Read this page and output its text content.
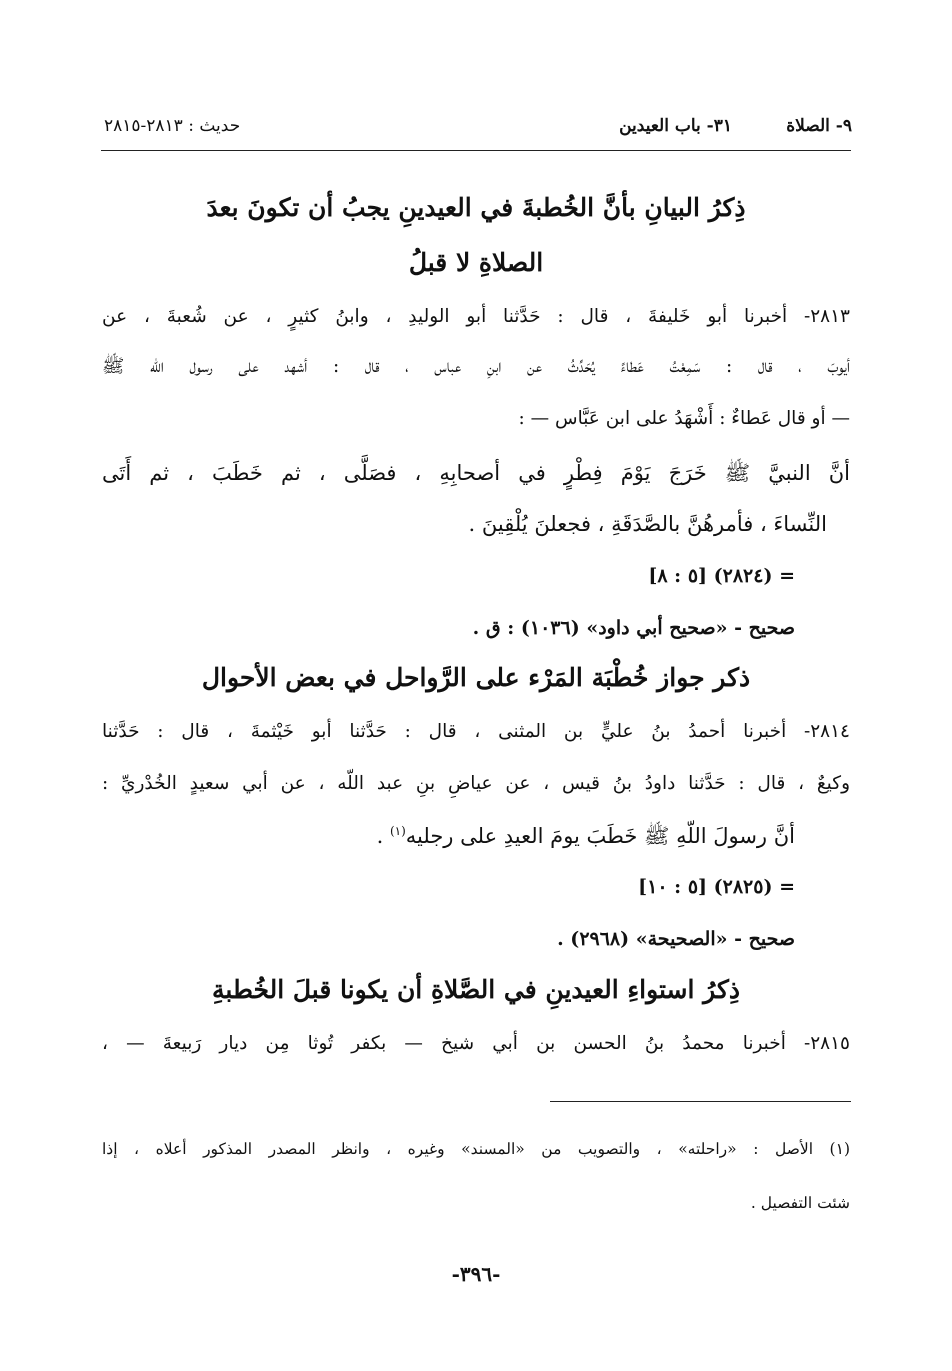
٩- الصلاة
٣١- باب العيدين
حديث : ٢٨١٣-٢٨١٥
ذِكرُ البيانِ بأنَّ الخُطبةَ في العيدينِ يجبُ أن تكونَ بعدَ
الصلاةِ لا قبلُ
٢٨١٣- أخبرنا أبو خَليفةَ ، قال : حَدَّثنا أبو الوليدِ ، وابنُ كثيرٍ ، عن شُعبةَ ، عن
أيوبَ ، قال : سَمِعْتُ عَطاءً يُحَدِّثُ عن ابنِ عباس ، قال : أشهد على رسول اللّه ﷺ
— أو قال عَطاءٌ : أَشْهَدُ على ابن عَبَّاس — :
أنَّ النبيَّ ﷺ خَرَجَ يَوْمَ فِطْرٍ في أصحابِهِ ، فصَلَّى ، ثم خَطَبَ ، ثم أَتَى
النِّساءَ ، فأمرهُنَّ بالصَّدَقَةِ ، فجعلنَ يُلْقِينَ .
= (٢٨٢٤) [٥ : ٨]
صحيح - «صحيح أبي داود» (١٠٣٦) : ق .
ذكر جواز خُطْبَة المَرْء على الرَّواحل في بعض الأحوال
٢٨١٤- أخبرنا أحمدُ بنُ عليٍّ بن المثنى ، قال : حَدَّثنا أبو خَيْثمةَ ، قال : حَدَّثنا
وكيعٌ ، قال : حَدَّثنا داودُ بنُ قيس ، عن عياضِ بنِ عبد اللّه ، عن أبي سعيدٍ الخُدْريِّ :
أنَّ رسولَ اللّهِ ﷺ خَطَبَ يومَ العيدِ على رجليه$^{(١)}$ .
= (٢٨٢٥) [٥ : ١٠]
صحيح - «الصحيحة» (٢٩٦٨) .
ذِكرُ استواءِ العيدينِ في الصَّلاةِ أن يكونا قبلَ الخُطبةِ
٢٨١٥- أخبرنا محمدُ بنُ الحسن بن أبي شيخ — بكفر تُوثا مِن ديار رَبيعةَ — ،
(١) الأصل : «راحلته» ، والتصويب من «المسند» وغيره ، وانظر المصدر المذكور أعلاه ، إذا
شئت التفصيل .
-٣٩٦-
